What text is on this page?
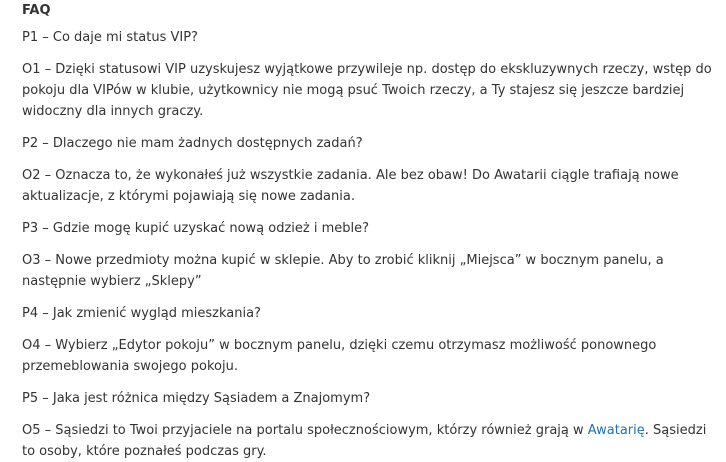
FAQ

P1 – Co daje mi status VIP?

O1 – Dzięki statusowi VIP uzyskujesz wyjątkowe przywileje np. dostęp do ekskluzywnych rzeczy, wstęp do pokoju dla VIPów w klubie, użytkownicy nie mogą psuć Twoich rzeczy, a Ty stajesz się jeszcze bardziej widoczny dla innych graczy.

P2 – Dlaczego nie mam żadnych dostępnych zadań?

O2 – Oznacza to, że wykonałeś już wszystkie zadania. Ale bez obaw! Do Awatarii ciągle trafiają nowe aktualizacje, z którymi pojawiają się nowe zadania.

P3 – Gdzie mogę kupić uzyskać nową odzież i meble?

O3 – Nowe przedmioty można kupić w sklepie. Aby to zrobić kliknij „Miejsca” w bocznym panelu, a następnie wybierz „Sklepy”

P4 – Jak zmienić wygląd mieszkania?

O4 – Wybierz „Edytor pokoju” w bocznym panelu, dzięki czemu otrzymasz możliwość ponownego przemeblowania swojego pokoju.

P5 – Jaka jest różnica między Sąsiadem a Znajomym?

O5 – Sąsiedzi to Twoi przyjaciele na portalu społecznościowym, którzy również grają w Awatarię. Sąsiedzi to osoby, które poznałeś podczas gry.
